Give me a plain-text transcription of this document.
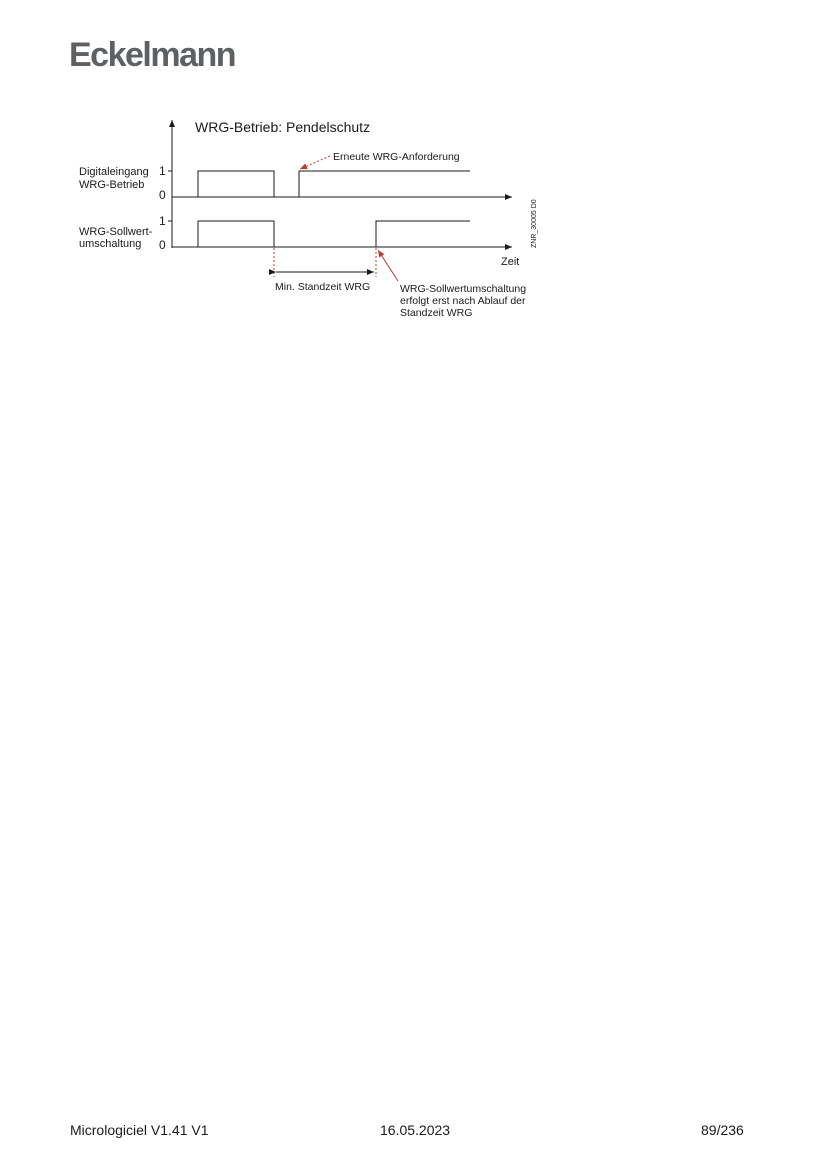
Eckelmann
WRG-Betrieb: Pendelschutz
Digitaleingang
WRG-Betrieb
1
0
WRG-Sollwert-
umschaltung
1
0
Min. Standzeit WRG
Erneute WRG-Anforderung
WRG-Sollwertumschaltung
erfolgt erst nach Ablauf der
Standzeit WRG
Zeit
ZNR_30005 D0
Micrologiciel V1.41 V1	16.05.2023	89/236
